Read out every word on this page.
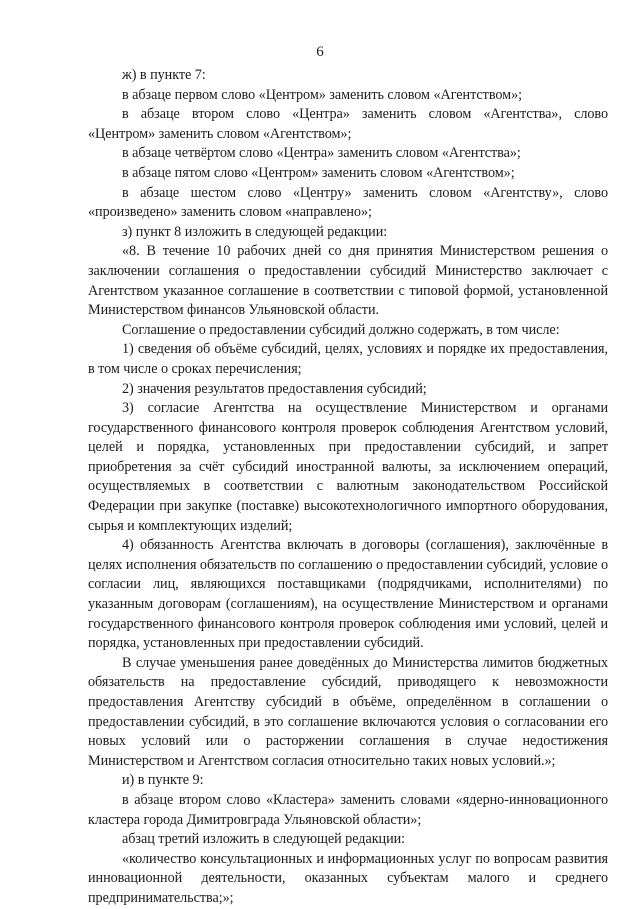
6

ж) в пункте 7:

в абзаце первом слово «Центром» заменить словом «Агентством»;

в абзаце втором слово «Центра» заменить словом «Агентства», слово «Центром» заменить словом «Агентством»;

в абзаце четвёртом слово «Центра» заменить словом «Агентства»;

в абзаце пятом слово «Центром» заменить словом «Агентством»;

в абзаце шестом слово «Центру» заменить словом «Агентству», слово «произведено» заменить словом «направлено»;

з) пункт 8 изложить в следующей редакции:

«8. В течение 10 рабочих дней со дня принятия Министерством решения о заключении соглашения о предоставлении субсидий Министерство заключает с Агентством указанное соглашение в соответствии с типовой формой, установленной Министерством финансов Ульяновской области.

Соглашение о предоставлении субсидий должно содержать, в том числе:

1) сведения об объёме субсидий, целях, условиях и порядке их предоставления, в том числе о сроках перечисления;

2) значения результатов предоставления субсидий;

3) согласие Агентства на осуществление Министерством и органами государственного финансового контроля проверок соблюдения Агентством условий, целей и порядка, установленных при предоставлении субсидий, и запрет приобретения за счёт субсидий иностранной валюты, за исключением операций, осуществляемых в соответствии с валютным законодательством Российской Федерации при закупке (поставке) высокотехнологичного импортного оборудования, сырья и комплектующих изделий;

4) обязанность Агентства включать в договоры (соглашения), заключённые в целях исполнения обязательств по соглашению о предоставлении субсидий, условие о согласии лиц, являющихся поставщиками (подрядчиками, исполнителями) по указанным договорам (соглашениям), на осуществление Министерством и органами государственного финансового контроля проверок соблюдения ими условий, целей и порядка, установленных при предоставлении субсидий.

В случае уменьшения ранее доведённых до Министерства лимитов бюджетных обязательств на предоставление субсидий, приводящего к невозможности предоставления Агентству субсидий в объёме, определённом в соглашении о предоставлении субсидий, в это соглашение включаются условия о согласовании его новых условий или о расторжении соглашения в случае недостижения Министерством и Агентством согласия относительно таких новых условий.»;

и) в пункте 9:

в абзаце втором слово «Кластера» заменить словами «ядерно-инновационного кластера города Димитровграда Ульяновской области»;

абзац третий изложить в следующей редакции:

«количество консультационных и информационных услуг по вопросам развития инновационной деятельности, оказанных субъектам малого и среднего предпринимательства;»;
